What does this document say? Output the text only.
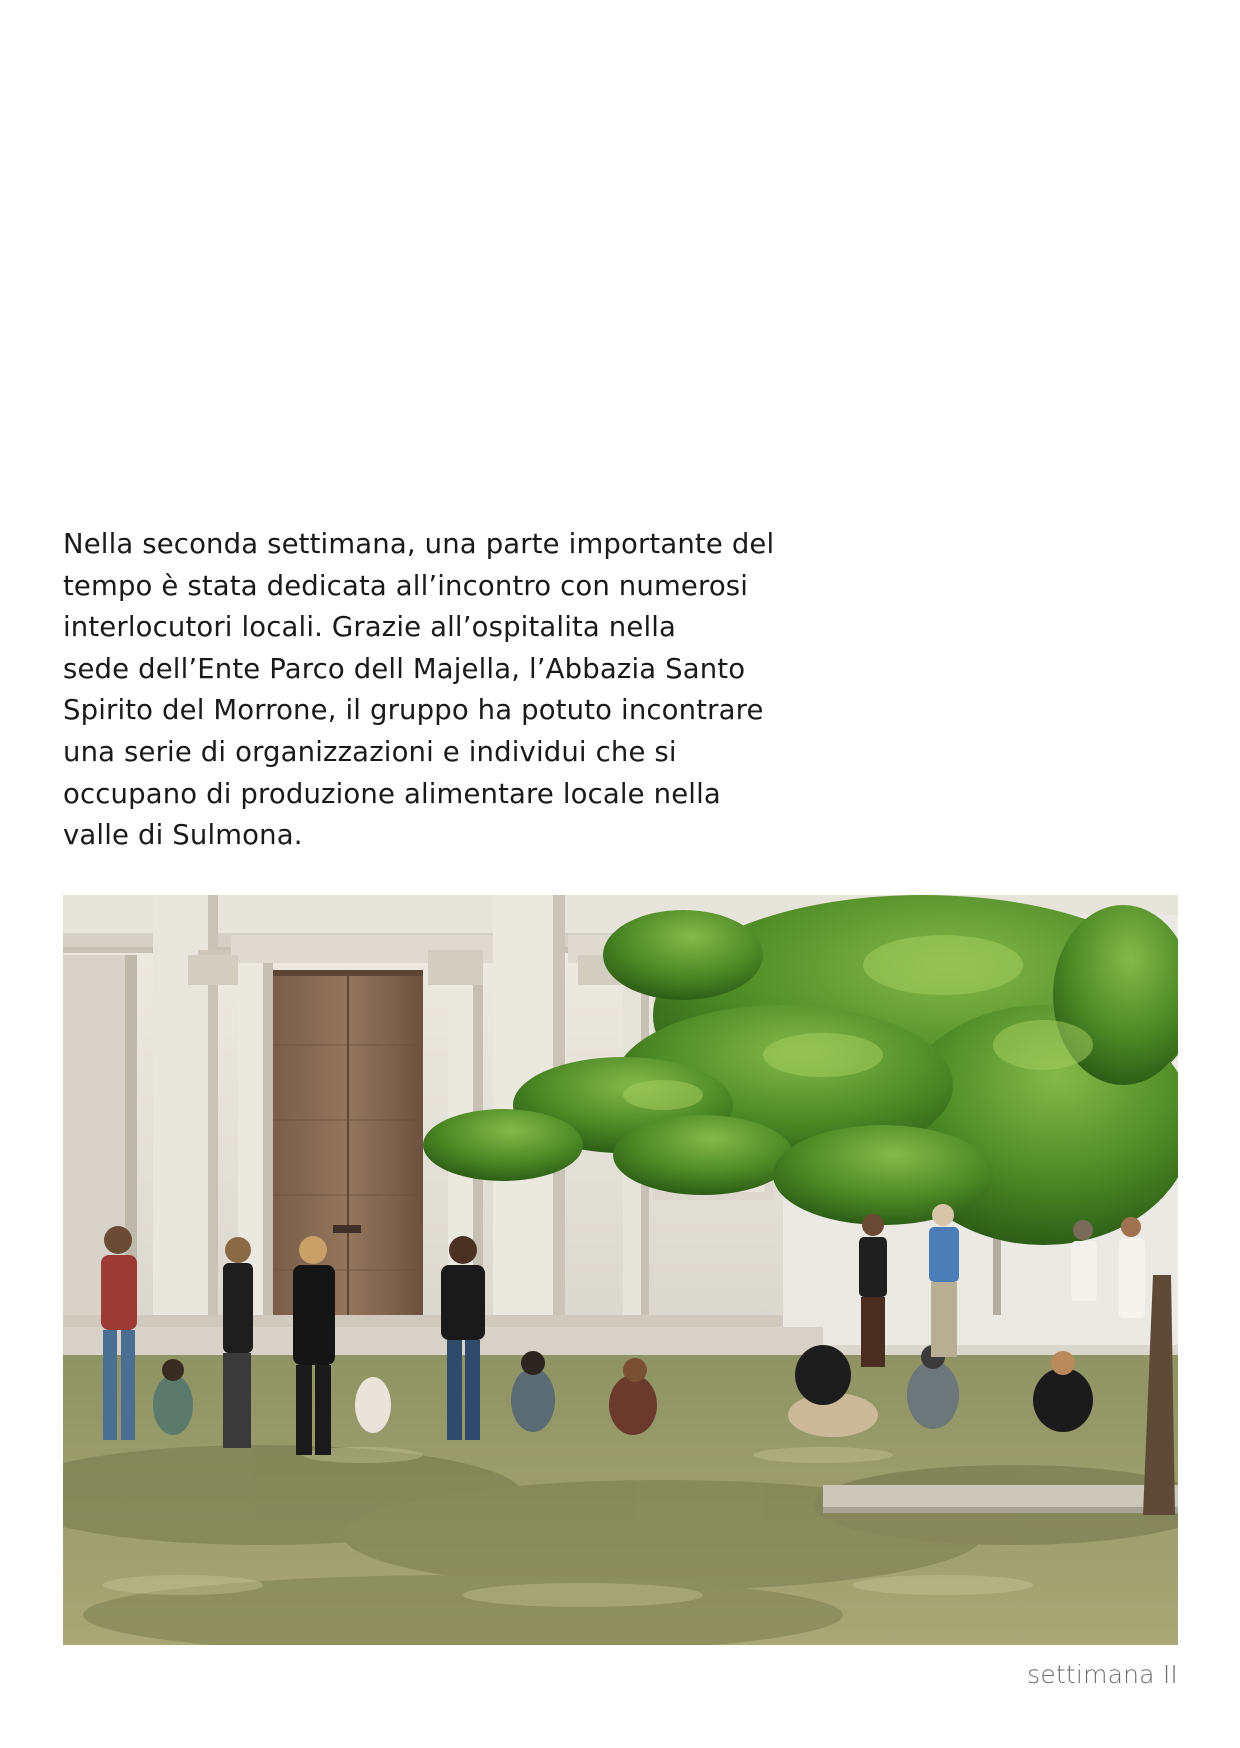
Nella seconda settimana, una parte importante del
tempo è stata dedicata all’incontro con numerosi
interlocutori locali. Grazie all’ospitalita nella
sede dell’Ente Parco dell Majella, l’Abbazia Santo
Spirito del Morrone, il gruppo ha potuto incontrare
una serie di organizzazioni e individui che si
occupano di produzione alimentare locale nella
valle di Sulmona.
settimana II
